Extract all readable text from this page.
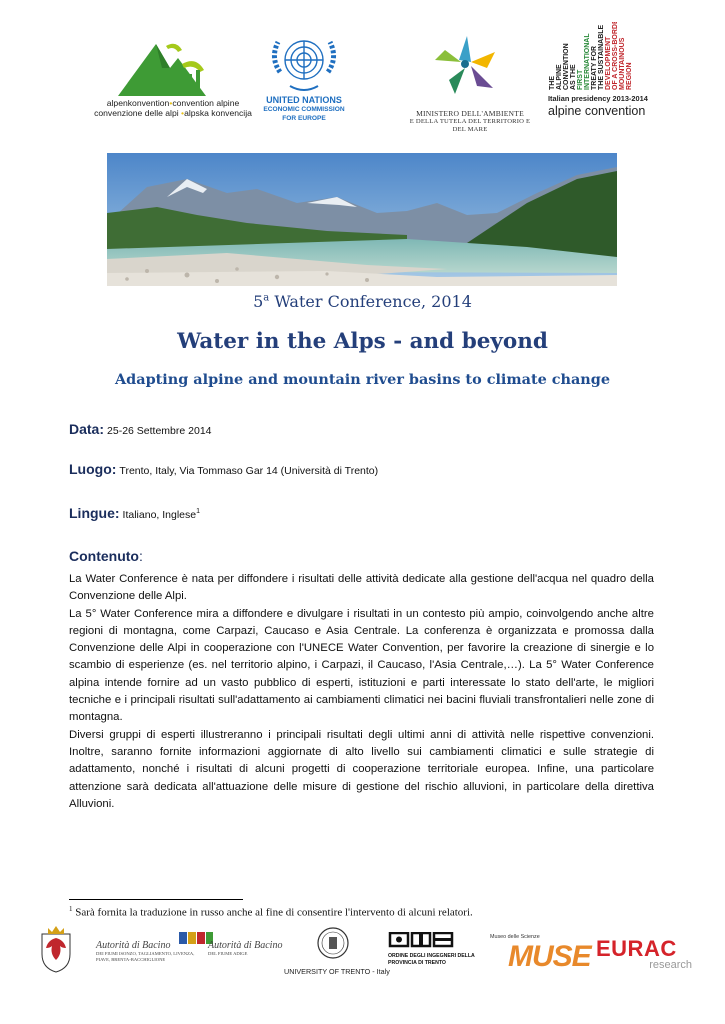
alpenkonvention•convention alpine
convenzione delle alpi •alpska konvencija
UNITED NATIONS
ECONOMIC COMMISSION
FOR EUROPE
MINISTERO DELL'AMBIENTE
E DELLA TUTELA DEL TERRITORIO E DEL MARE
THE ALPINE CONVENTION AS THE FIRST INTERNATIONAL TREATY FOR THE SUSTAINABLE DEVELOPMENT OF A CROSS-BORDER MOUNTAINOUS REGION
Italian presidency 2013-2014
alpine convention
5$^a$ Water Conference, 2014
Water in the Alps - and beyond
Adapting alpine and mountain river basins to climate change
Data: 25-26 Settembre 2014
Luogo: Trento, Italy, Via Tommaso Gar 14 (Università di Trento)
Lingue: Italiano, Inglese$^1$
Contenuto:

La Water Conference è nata per diffondere i risultati delle attività dedicate alla gestione dell'acqua nel quadro della Convenzione delle Alpi.

La 5° Water Conference mira a diffondere e divulgare i risultati in un contesto più ampio, coinvolgendo anche altre regioni di montagna, come Carpazi, Caucaso e Asia Centrale. La conferenza è organizzata e promossa dalla Convenzione delle Alpi in cooperazione con l'UNECE Water Convention, per favorire la creazione di sinergie e lo scambio di esperienze (es. nel territorio alpino, i Carpazi, il Caucaso, l'Asia Centrale,…). La 5° Water Conference alpina intende fornire ad un vasto pubblico di esperti, istituzioni e parti interessate lo stato dell'arte, le migliori tecniche e i principali risultati sull'adattamento ai cambiamenti climatici nei bacini fluviali transfrontalieri nelle zone di montagna.

Diversi gruppi di esperti illustreranno i principali risultati degli ultimi anni di attività nelle rispettive convenzioni. Inoltre, saranno fornite informazioni aggiornate di alto livello sui cambiamenti climatici e sulle strategie di adattamento, nonché i risultati di alcuni progetti di cooperazione territoriale europea. Infine, una particolare attenzione sarà dedicata all'attuazione delle misure di gestione del rischio alluvioni, in particolare della direttiva Alluvioni.

$^1$ Sarà fornita la traduzione in russo anche al fine di consentire l'intervento di alcuni relatori.
Autorità di Bacino
DEI FIUMI ISONZO, TAGLIAMENTO, LIVENZA,
PIAVE, BRENTA-BACCHIGLIONE
Autorità di Bacino
DEL FIUME ADIGE
UNIVERSITY OF TRENTO - Italy
ORDINE DEGLI INGEGNERI DELLA
PROVINCIA DI TRENTO
Museo delle Scienze
MUSE EURAC
research
